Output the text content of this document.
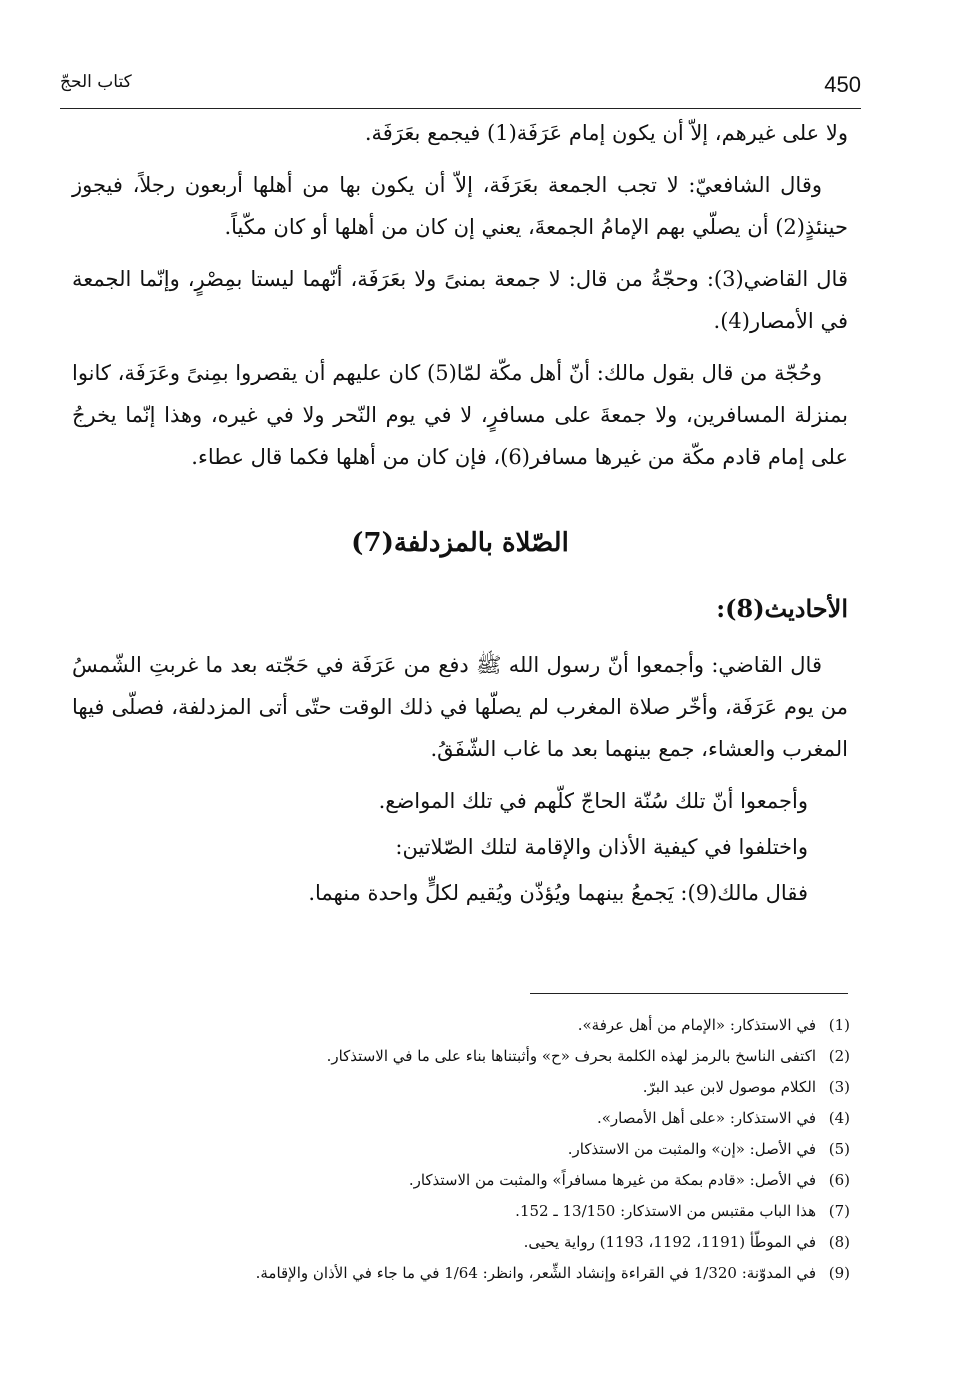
450
كتاب الحجّ

ولا على غيرهم، إلاّ أن يكون إمام عَرَفَة(1) فيجمع بعَرَفَة.

وقال الشافعيّ: لا تجب الجمعة بعَرَفَة، إلاّ أن يكون بها من أهلها أربعون رجلاً، فيجوز حينئذٍ(2) أن يصلّي بهم الإمامُ الجمعةَ، يعني إن كان من أهلها أو كان مكّياً.

قال القاضي(3): وحجّةُ من قال: لا جمعة بمنىً ولا بعَرَفَة، أنّهما ليستا بمِصْرٍ، وإنّما الجمعة في الأمصار(4).

وحُجّة من قال بقول مالك: أنّ أهل مكّة لمّا(5) كان عليهم أن يقصروا بمِنىً وعَرَفَة، كانوا بمنزلة المسافرين، ولا جمعةَ على مسافرٍ، لا في يوم النّحر ولا في غيره، وهذا إنّما يخرجُ على إمام قادم مكّة من غيرها مسافر(6)، فإن كان من أهلها فكما قال عطاء.

الصّلاة بالمزدلفة(7)
الأحاديث(8):

قال القاضي: وأجمعوا أنّ رسول الله ﷺ دفع من عَرَفَة في حَجّته بعد ما غربتِ الشّمسُ من يوم عَرَفَة، وأخّر صلاة المغرب لم يصلّها في ذلك الوقت حتّى أتى المزدلفة، فصلّى فيها المغرب والعشاء، جمع بينهما بعد ما غاب الشّفَقُ.

وأجمعوا أنّ تلك سُنّة الحاجّ كلّهم في تلك المواضع.

واختلفوا في كيفية الأذان والإقامة لتلك الصّلاتين:

فقال مالك(9): يَجمعُ بينهما ويُؤذّن ويُقيم لكلٍّ واحدة منهما.

(1)في الاستذكار: «الإمام من أهل عرفة».
(2)اكتفى الناسخ بالرمز لهذه الكلمة بحرف «ح» وأثبتناها بناء على ما في الاستذكار.
(3)الكلام موصول لابن عبد البرّ.
(4)في الاستذكار: «على أهل الأمصار».
(5)في الأصل: «إن» والمثبت من الاستذكار.
(6)في الأصل: «قادم بمكة من غيرها مسافراً» والمثبت من الاستذكار.
(7)هذا الباب مقتبس من الاستذكار: 13/150 ـ 152.
(8)في الموطّأ (1191، 1192، 1193) رواية يحيى.
(9)في المدوّنة: 1/320 في القراءة وإنشاد الشِّعر، وانظر: 1/64 في ما جاء في الأذان والإقامة.
